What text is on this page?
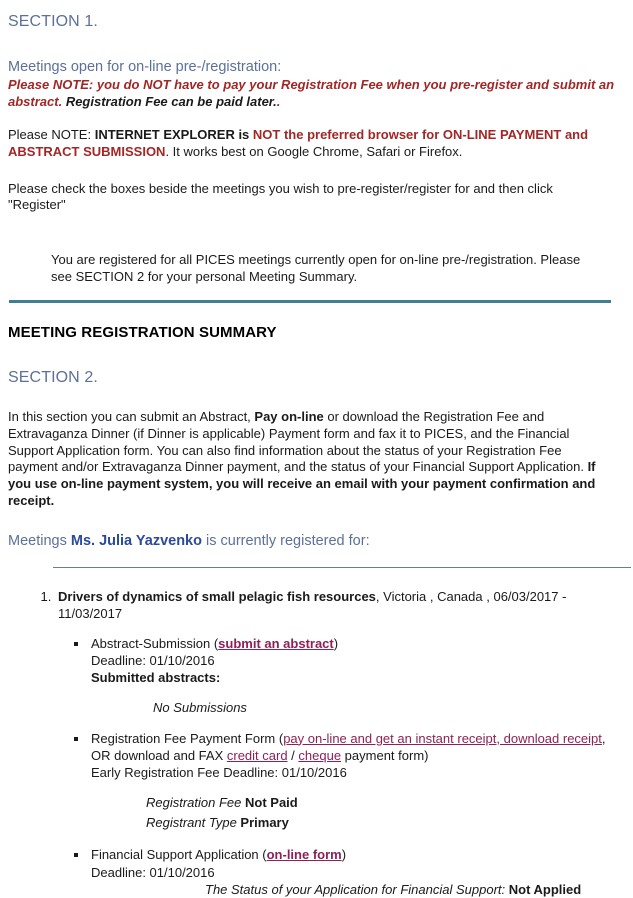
SECTION 1.
Meetings open for on-line pre-/registration:

Please NOTE: you do NOT have to pay your Registration Fee when you pre-register and submit an abstract. Registration Fee can be paid later..

Please NOTE: INTERNET EXPLORER is NOT the preferred browser for ON-LINE PAYMENT and ABSTRACT SUBMISSION. It works best on Google Chrome, Safari or Firefox.

Please check the boxes beside the meetings you wish to pre-register/register for and then click "Register"

You are registered for all PICES meetings currently open for on-line pre-/registration. Please see SECTION 2 for your personal Meeting Summary.

MEETING REGISTRATION SUMMARY
SECTION 2.

In this section you can submit an Abstract, Pay on-line or download the Registration Fee and Extravaganza Dinner (if Dinner is applicable) Payment form and fax it to PICES, and the Financial Support Application form. You can also find information about the status of your Registration Fee payment and/or Extravaganza Dinner payment, and the status of your Financial Support Application. If you use on-line payment system, you will receive an email with your payment confirmation and receipt.

Meetings Ms. Julia Yazvenko is currently registered for:

1. Drivers of dynamics of small pelagic fish resources, Victoria , Canada , 06/03/2017 - 11/03/2017
▪ Abstract-Submission (submit an abstract)
Deadline: 01/10/2016
Submitted abstracts:
No Submissions
▪ Registration Fee Payment Form (pay on-line and get an instant receipt, download receipt, OR download and FAX credit card / cheque payment form)
Early Registration Fee Deadline: 01/10/2016
Registration Fee Not Paid
Registrant Type Primary
▪ Financial Support Application (on-line form)
Deadline: 01/10/2016
The Status of your Application for Financial Support: Not Applied
